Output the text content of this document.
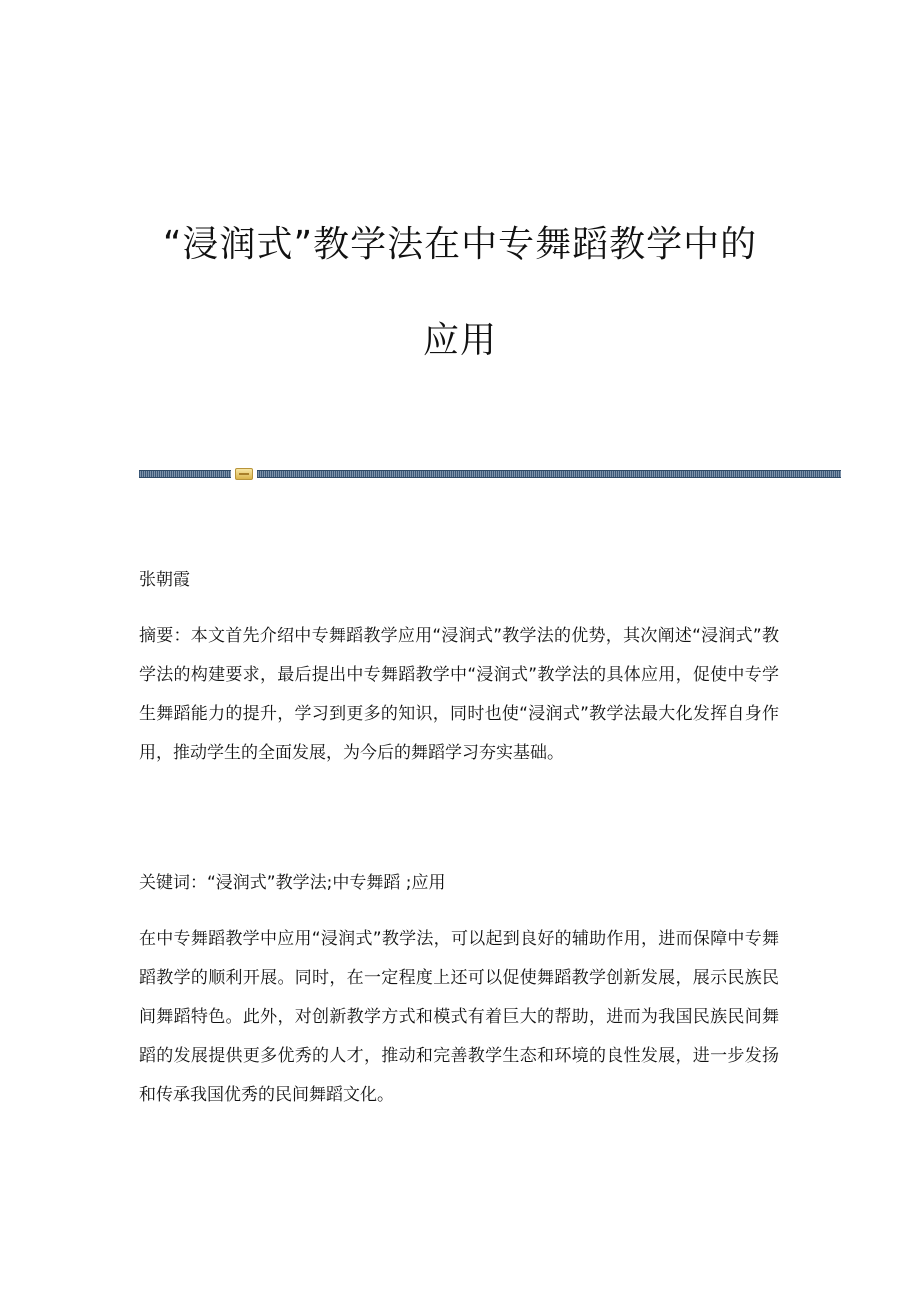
“浸润式”教学法在中专舞蹈教学中的
应用

张朝霞

摘要：本文首先介绍中专舞蹈教学应用“浸润式”教学法的优势，其次阐述“浸润式”教学法的构建要求，最后提出中专舞蹈教学中“浸润式”教学法的具体应用，促使中专学生舞蹈能力的提升，学习到更多的知识，同时也使“浸润式”教学法最大化发挥自身作用，推动学生的全面发展，为今后的舞蹈学习夯实基础。

关键词：“浸润式”教学法;中专舞蹈 ;应用

在中专舞蹈教学中应用“浸润式”教学法，可以起到良好的辅助作用，进而保障中专舞蹈教学的顺利开展。同时，在一定程度上还可以促使舞蹈教学创新发展，展示民族民间舞蹈特色。此外，对创新教学方式和模式有着巨大的帮助，进而为我国民族民间舞蹈的发展提供更多优秀的人才，推动和完善教学生态和环境的良性发展，进一步发扬和传承我国优秀的民间舞蹈文化。
